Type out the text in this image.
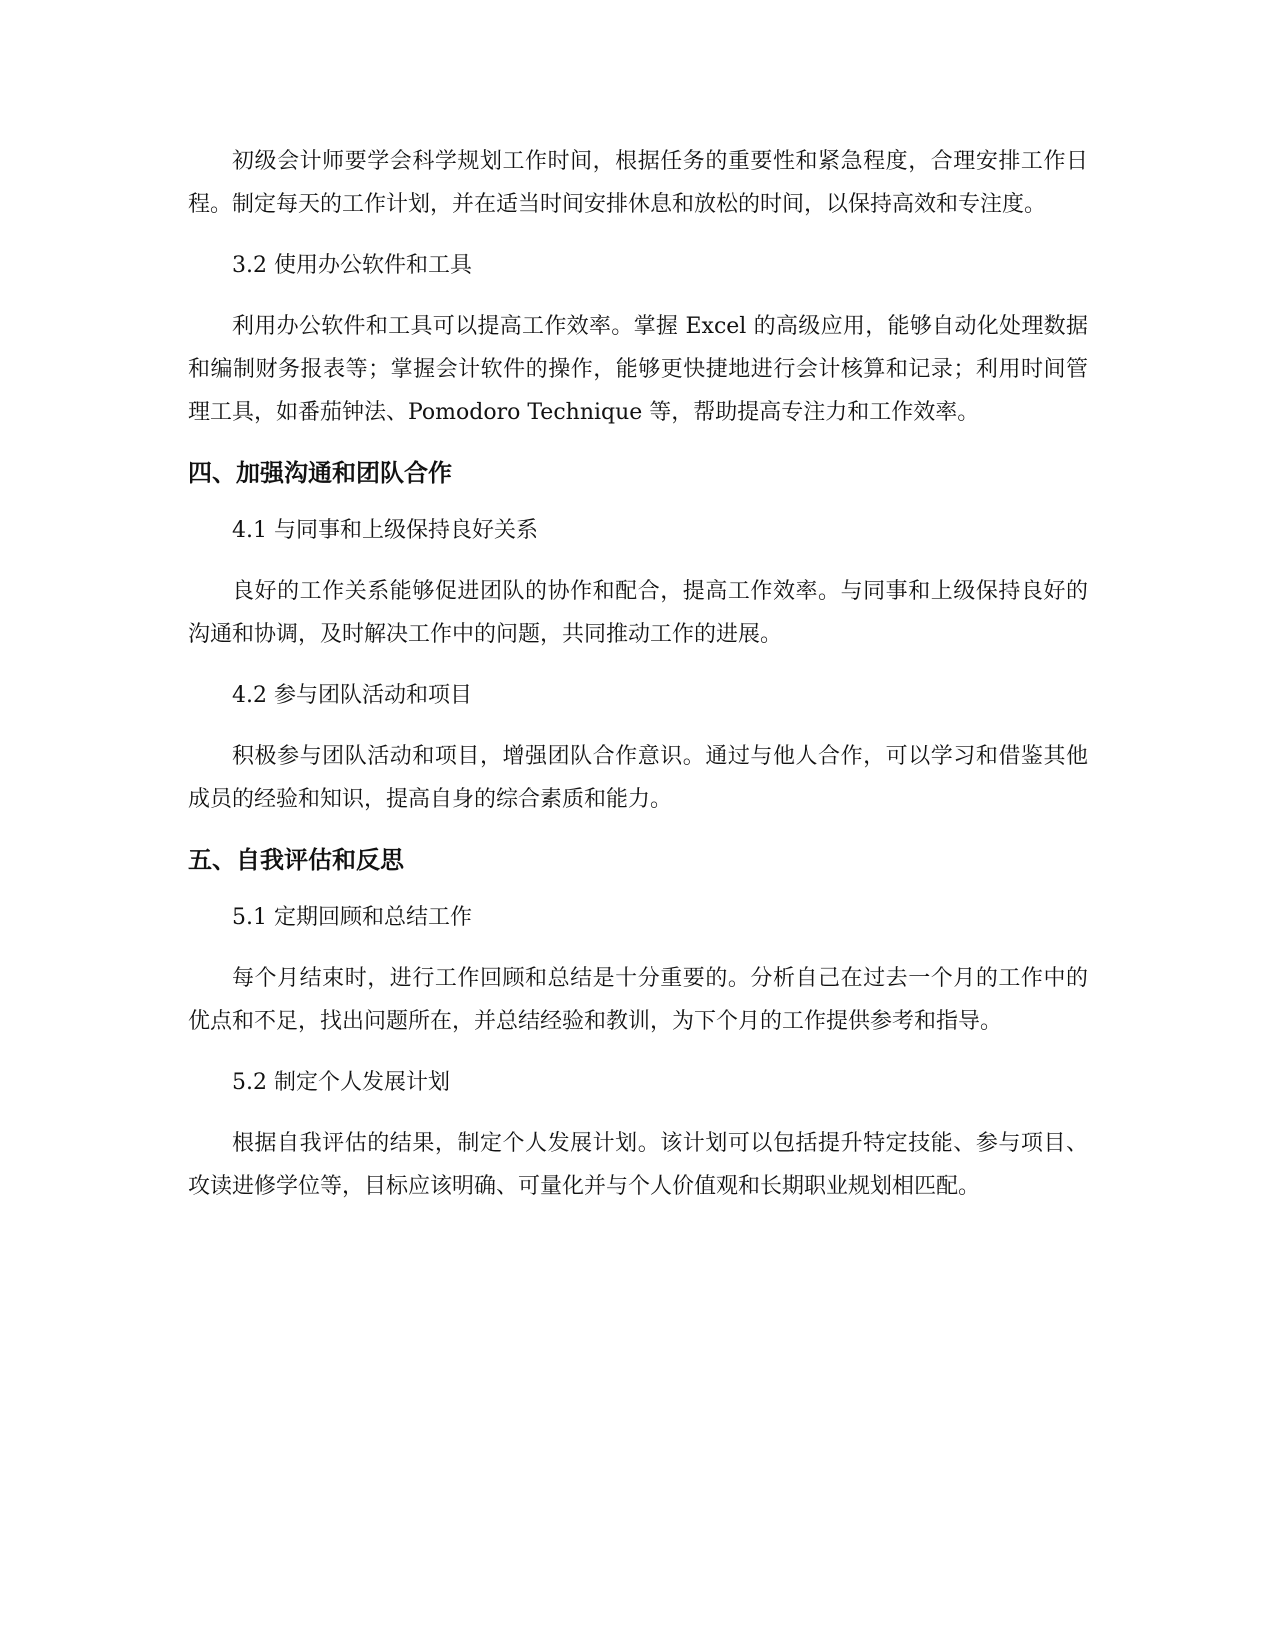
初级会计师要学会科学规划工作时间，根据任务的重要性和紧急程度，合理安排工作日程。制定每天的工作计划，并在适当时间安排休息和放松的时间，以保持高效和专注度。

3.2 使用办公软件和工具

利用办公软件和工具可以提高工作效率。掌握 Excel 的高级应用，能够自动化处理数据和编制财务报表等；掌握会计软件的操作，能够更快捷地进行会计核算和记录；利用时间管理工具，如番茄钟法、Pomodoro Technique 等，帮助提高专注力和工作效率。

四、加强沟通和团队合作

4.1 与同事和上级保持良好关系

良好的工作关系能够促进团队的协作和配合，提高工作效率。与同事和上级保持良好的沟通和协调，及时解决工作中的问题，共同推动工作的进展。

4.2 参与团队活动和项目

积极参与团队活动和项目，增强团队合作意识。通过与他人合作，可以学习和借鉴其他成员的经验和知识，提高自身的综合素质和能力。

五、自我评估和反思

5.1 定期回顾和总结工作

每个月结束时，进行工作回顾和总结是十分重要的。分析自己在过去一个月的工作中的优点和不足，找出问题所在，并总结经验和教训，为下个月的工作提供参考和指导。

5.2 制定个人发展计划

根据自我评估的结果，制定个人发展计划。该计划可以包括提升特定技能、参与项目、攻读进修学位等，目标应该明确、可量化并与个人价值观和长期职业规划相匹配。
